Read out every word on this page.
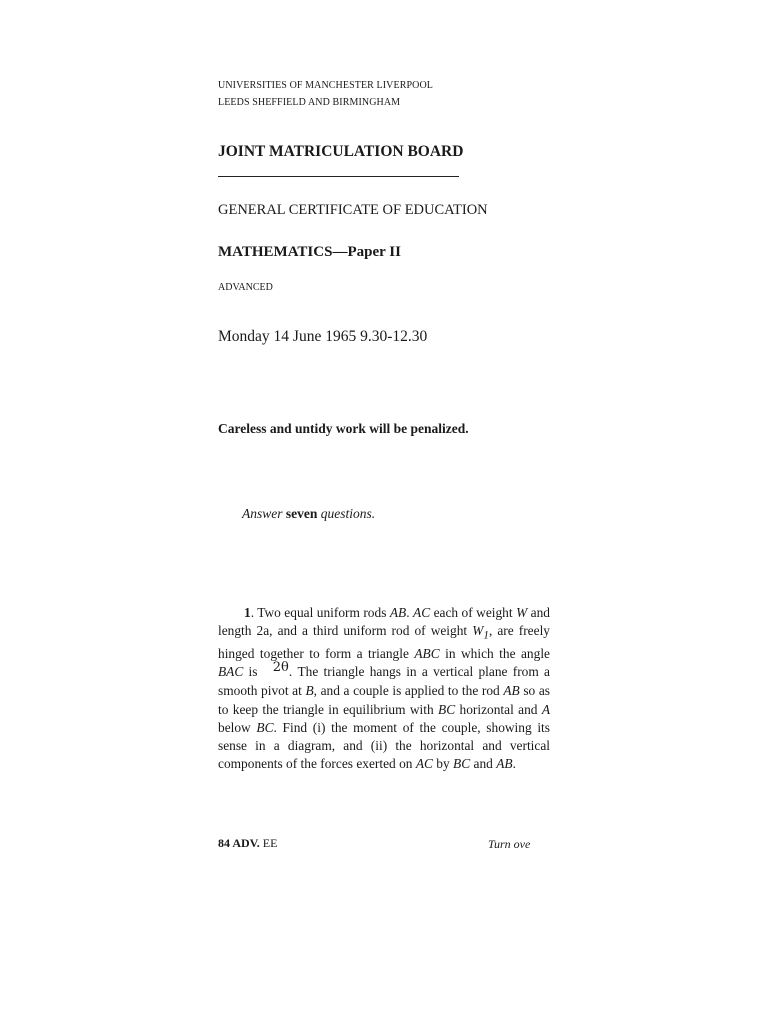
UNIVERSITIES OF MANCHESTER LIVERPOOL
LEEDS SHEFFIELD AND BIRMINGHAM
JOINT MATRICULATION BOARD
GENERAL CERTIFICATE OF EDUCATION
MATHEMATICS—Paper II
ADVANCED
Monday 14 June 1965 9.30-12.30
Careless and untidy work will be penalized.
Answer seven questions.
1. Two equal uniform rods AB. AC each of weight W and length 2a, and a third uniform rod of weight $W_1$, are freely hinged together to form a triangle ABC in which the angle BAC is 2θ. The triangle hangs in a vertical plane from a smooth pivot at B, and a couple is applied to the rod AB so as to keep the triangle in equilibrium with BC horizontal and A below BC. Find (i) the moment of the couple, showing its sense in a diagram, and (ii) the horizontal and vertical components of the forces exerted on AC by BC and AB.
84 ADV. EE	Turn ove
